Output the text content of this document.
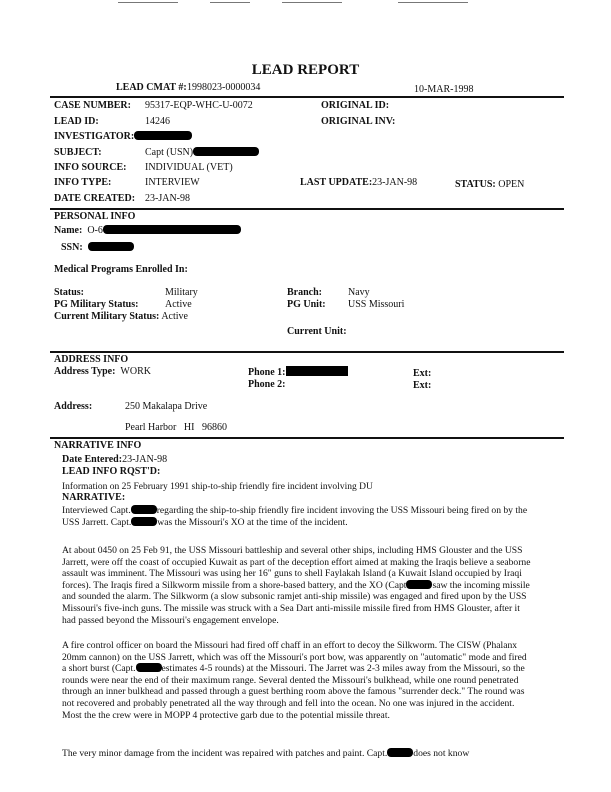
LEAD REPORT
LEAD CMAT #: 1998023-0000034	10-MAR-1998
CASE NUMBER: 95317-EQP-WHC-U-0072	ORIGINAL ID:
LEAD ID:	14246	ORIGINAL INV:
INVESTIGATOR:
SUBJECT:	Capt (USN)
INFO SOURCE: INDIVIDUAL (VET)
INFO TYPE:	INTERVIEW	LAST UPDATE:23-JAN-98	STATUS: OPEN
DATE CREATED: 23-JAN-98
PERSONAL INFO
Name: O-6
SSN:
Medical Programs Enrolled In:
Status:	Military	Branch:	Navy
PG Military Status:	Active	PG Unit: USS Missouri
Current Military Status: Active
Current Unit:
ADDRESS INFO
Address Type: WORK	Phone 1:
Phone 2:
Ext:
Ext:
Address:	250 Makalapa Drive
Pearl Harbor HI 96860
NARRATIVE INFO
Date Entered:23-JAN-98
LEAD INFO RQST'D:
Information on 25 February 1991 ship-to-ship friendly fire incident involving DU
NARRATIVE:
Interviewed Capt.	regarding the ship-to-ship friendly fire incident invoving the USS Missouri being fired on by the USS Jarrett. Capt.	was the Missouri's XO at the time of the incident.
At about 0450 on 25 Feb 91, the USS Missouri battleship and several other ships, including HMS Glouster and the USS Jarrett, were off the coast of occupied Kuwait as part of the deception effort aimed at making the Iraqis believe a seaborne assault was imminent. The Missouri was using her 16" guns to shell Faylakah Island (a Kuwait Island occupied by Iraqi forces). The Iraqis fired a Silkworm missile from a shore-based battery, and the XO (Capt	saw the incoming missile and sounded the alarm. The Silkworm (a slow subsonic ramjet anti-ship missile) was engaged and fired upon by the USS Missouri's five-inch guns. The missile was struck with a Sea Dart anti-missile missile fired from HMS Glouster, after it had passed beyond the Missouri's engagement envelope.
A fire control officer on board the Missouri had fired off chaff in an effort to decoy the Silkworm. The CISW (Phalanx 20mm cannon) on the USS Jarrett, which was off the Missouri's port bow, was apparently on "automatic" mode and fired a short burst (Capt.	estimates 4-5 rounds) at the Missouri. The Jarret was 2-3 miles away from the Missouri, so the rounds were near the end of their maximum range. Several dented the Missouri's bulkhead, while one round penetrated through an inner bulkhead and passed through a guest berthing room above the famous "surrender deck." The round was not recovered and probably penetrated all the way through and fell into the ocean. No one was injured in the accident. Most the the crew were in MOPP 4 protective garb due to the potential missile threat.
The very minor damage from the incident was repaired with patches and paint. Capt.	does not know
